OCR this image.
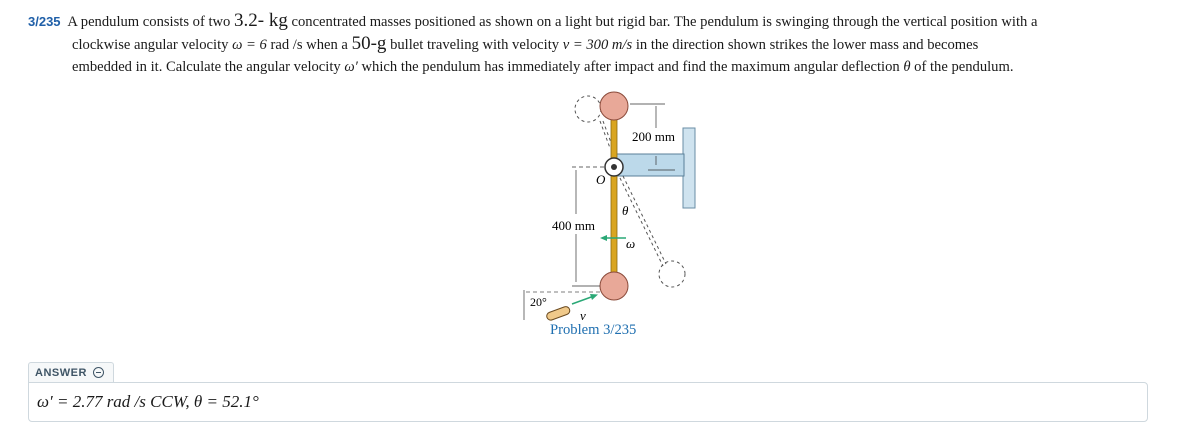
3/235 A pendulum consists of two 3.2- kg concentrated masses positioned as shown on a light but rigid bar. The pendulum is swinging through the vertical position with a
clockwise angular velocity ω = 6 rad /s when a 50-g bullet traveling with velocity v = 300 m/s in the direction shown strikes the lower mass and becomes
embedded in it. Calculate the angular velocity ω′ which the pendulum has immediately after impact and find the maximum angular deflection θ of the pendulum.
200 mm
400 mm
O
θ
ω
20°
v
Problem 3/235
ANSWER
ω′ = 2.77 rad /s CCW, θ = 52.1°
